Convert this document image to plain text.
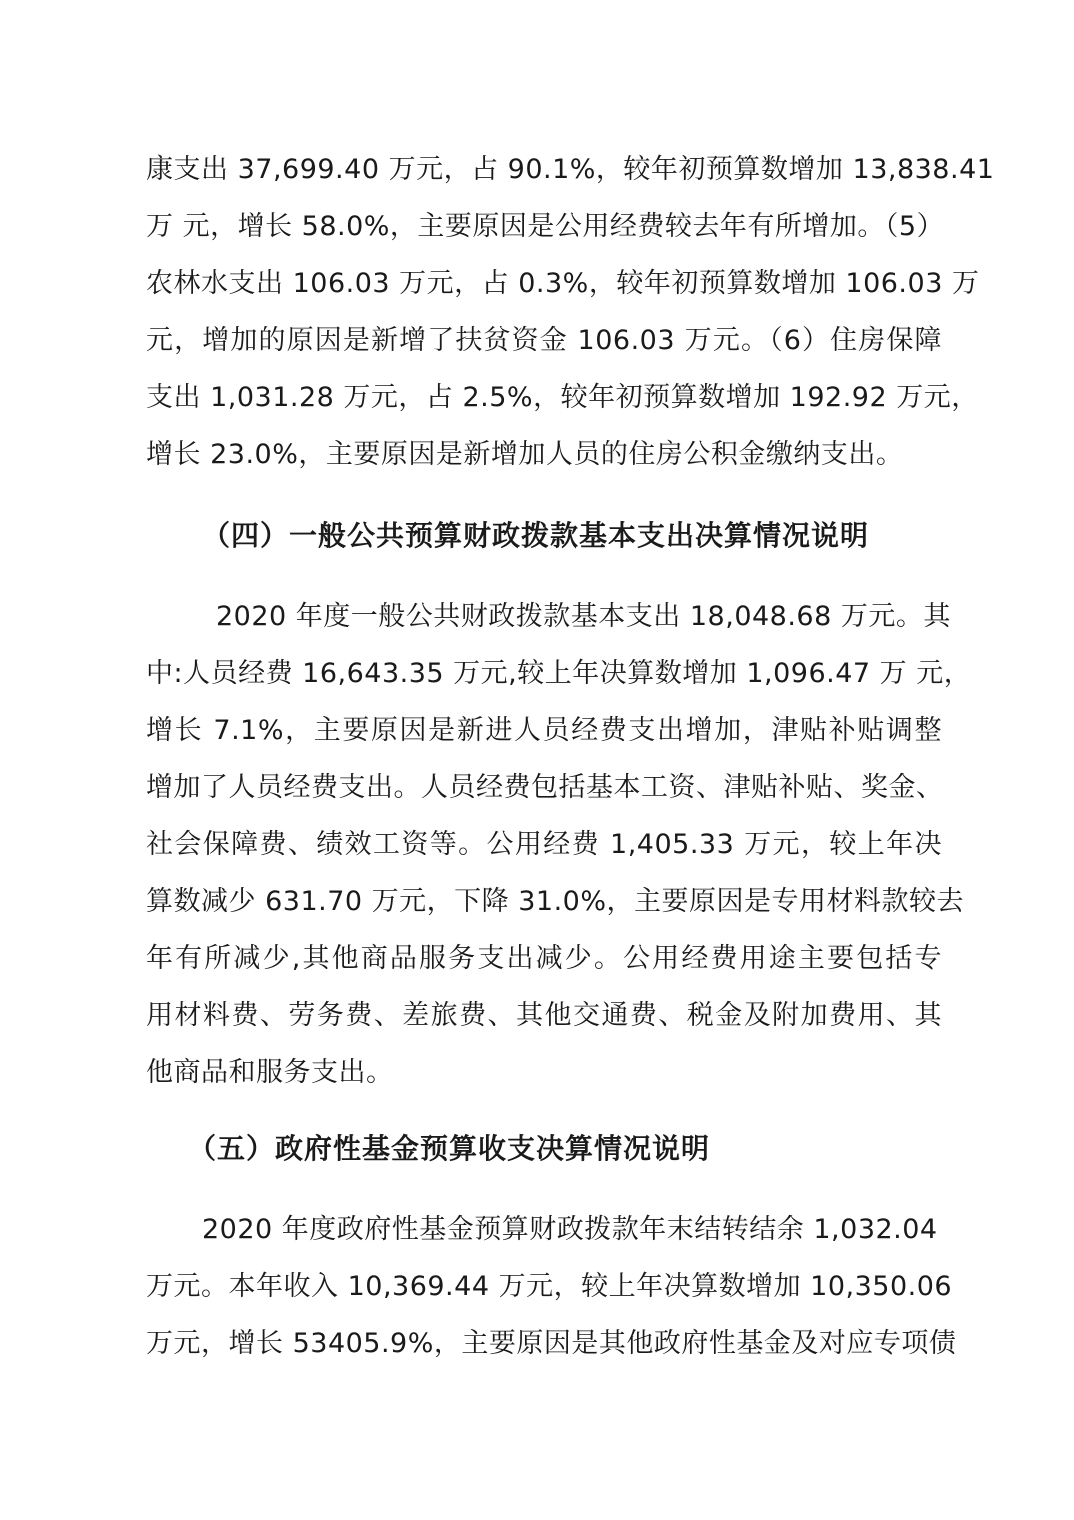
康支出 37,699.40 万元，占 90.1%，较年初预算数增加 13,838.41
万 元，增长 58.0%，主要原因是公用经费较去年有所增加。（5）
农林水支出 106.03 万元，占 0.3%，较年初预算数增加 106.03 万
元，增加的原因是新增了扶贫资金 106.03 万元。（6）住房保障
支出 1,031.28 万元，占 2.5%，较年初预算数增加 192.92 万元，
增长 23.0%，主要原因是新增加人员的住房公积金缴纳支出。
（四）一般公共预算财政拨款基本支出决算情况说明
2020 年度一般公共财政拨款基本支出 18,048.68 万元。其
中:人员经费 16,643.35 万元,较上年决算数增加 1,096.47 万 元，
增长 7.1%，主要原因是新进人员经费支出增加，津贴补贴调整
增加了人员经费支出。人员经费包括基本工资、津贴补贴、奖金、
社会保障费、绩效工资等。公用经费 1,405.33 万元，较上年决
算数减少 631.70 万元，下降 31.0%，主要原因是专用材料款较去
年有所减少,其他商品服务支出减少。公用经费用途主要包括专
用材料费、劳务费、差旅费、其他交通费、税金及附加费用、其
他商品和服务支出。
（五）政府性基金预算收支决算情况说明
2020 年度政府性基金预算财政拨款年末结转结余 1,032.04
万元。本年收入 10,369.44 万元，较上年决算数增加 10,350.06
万元，增长 53405.9%，主要原因是其他政府性基金及对应专项债
